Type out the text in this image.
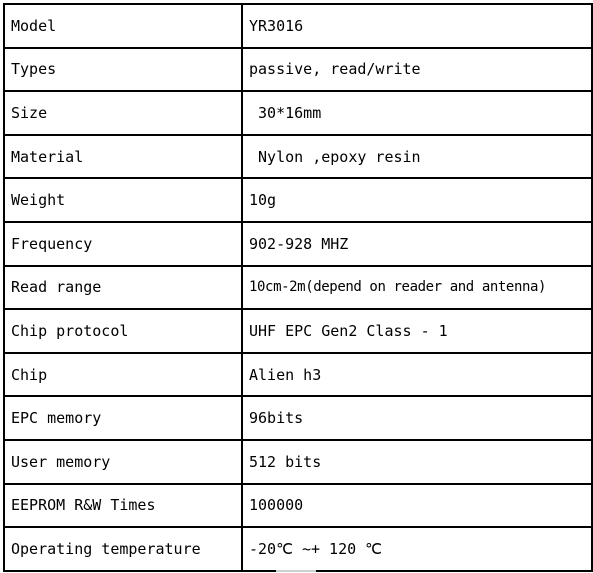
Model	YR3016
Types	passive, read/write
Size	30*16mm
Material	Nylon ,epoxy resin
Weight	10g
Frequency	902-928 MHZ
Read range	10cm-2m(depend on reader and antenna)
Chip protocol	UHF EPC Gen2 Class - 1
Chip	Alien h3
EPC memory	96bits
User memory	512 bits
EEPROM R&W Times	100000
Operating temperature	-20℃ ~+ 120 ℃
